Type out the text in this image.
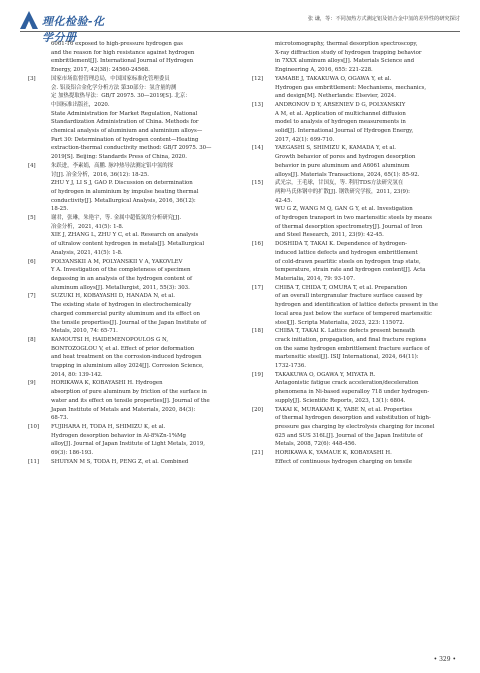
理化检验-化学分册
张 谦，等：不同加热方式测定铝及铝合金中氢的差异性的研究探讨

6061-T6 exposed to high-pressure hydrogen gas

and the reason for high resistance against hydrogen

embrittlement[J]. International Journal of Hydrogen

Energy, 2017, 42(38): 24560-24568.

[3]	国家市场监督管理总局，中国国家标准化管理委员

会. 铝及铝合金化学分析方法 第30部分：氢含量的测

定 加热提取热导法：GB/T 20975. 30—2019[S]. 北京：

中国标准出版社，2020.

State Administration for Market Regulation, National

Standardization Administration of China. Methods for

chemical analysis of aluminium and aluminium alloys—

Part 30: Determination of hydrogen content—Heating

extraction-thermal conductivity method: GB/T 20975. 30—

2019[S]. Beijing: Standards Press of China, 2020.

[4]	朱跃进，李素娟，高鹏. 脉冲热导法测定铝中氢的探

讨[J]. 冶金分析，2016, 36(12): 18-25.

ZHU Y J, LI S J, GAO P. Discussion on determination

of hydrogen in aluminium by impulse heating thermal

conductivity[J]. Metallurgical Analysis, 2016, 36(12):

18-25.

[5]	谢君，张琳，朱艳宇，等. 金属中超低氢的分析研究[J].

冶金分析，2021, 41(5): 1-8.

XIE J, ZHANG L, ZHU Y C, et al. Research on analysis

of ultralow content hydrogen in metals[J]. Metallurgical

Analysis, 2021, 41(5): 1-8.

[6]	POLYANSKII A M, POLYANSKII V A, YAKOVLEV

Y A. Investigation of the completeness of specimen

degassing in an analysis of the hydrogen content of

aluminum alloys[J]. Metallurgist, 2011, 55(3): 303.

[7]	SUZUKI H, KOBAYASHI D, HANADA N, et al.

The existing state of hydrogen in electrochemically

charged commercial purity aluminum and its effect on

the tensile properties[J]. Journal of the Japan Institute of

Metals, 2010, 74: 65-71.

[8]	KAMOUTSI H, HAIDEMENOPOULOS G N,

BONTOZOGLOU V, et al. Effect of prior deformation

and heat treatment on the corrosion-induced hydrogen

trapping in aluminium alloy 2024[J]. Corrosion Science,

2014, 80: 139-142.

[9]	HORIKAWA K, KOBAYASHI H. Hydrogen

absorption of pure aluminum by friction of the surface in

water and its effect on tensile properties[J]. Journal of the

Japan Institute of Metals and Materials, 2020, 84(3):

68-73.

[10] FUJIHARA H, TODA H, SHIMIZU K, et al.

Hydrogen desorption behavior in Al-8%Zn-1%Mg

alloy[J]. Journal of Japan Institute of Light Metals, 2019,

69(3): 186-193.

[11] SHUIYAN M S, TODA H, PENG Z, et al. Combined

microtomography, thermal desorption spectroscopy,

X-ray diffraction study of hydrogen trapping behavior

in 7XXX aluminum alloys[J]. Materials Science and

Engineering A, 2016, 655: 221-228.

[12] YAMABE J, TAKAKUWA O, OGAWA Y, et al.

Hydrogen gas embrittlement: Mechanisms, mechanics,

and design[M]. Netherlands: Elsevier, 2024.

[13] ANDRONOV D Y, ARSENIEV D G, POLYANSKIY

A M, et al. Application of multichannel diffusion

model to analysis of hydrogen measurements in

solid[J]. International Journal of Hydrogen Energy,

2017, 42(1): 699-710.

[14] YAEGASHI S, SHIMIZU K, KAMADA Y, et al.

Growth behavior of pores and hydrogen desorption

behavior in pure aluminum and A6061 aluminum

alloys[J]. Materials Transactions, 2024, 65(1): 85-92.

[15] 武光宗，王毛球，甘国友，等. 利用TDS方法研究氢在

两种马氏体钢中的扩散[J]. 钢铁研究学报，2011, 23(9):

42-45.

WU G Z, WANG M Q, GAN G Y, et al. Investigation

of hydrogen transport in two martensitic steels by means

of thermal desorption spectrometry[J]. Journal of Iron

and Steel Research, 2011, 23(9): 42-45.

[16] DOSHIDA T, TAKAI K. Dependence of hydrogen-

induced lattice defects and hydrogen embrittlement

of cold-drawn pearlitic steels on hydrogen trap state,

temperature, strain rate and hydrogen content[J]. Acta

Materialia, 2014, 79: 93-107.

[17] CHIBA T, CHIDA T, OMURA T, et al. Preparation

of an overall intergranular fracture surface caused by

hydrogen and identification of lattice defects present in the

local area just below the surface of tempered martensitic

steel[J]. Scripta Materialia, 2023, 223: 115072.

[18] CHIBA T, TAKAI K. Lattice defects present beneath

crack initiation, propagation, and final fracture regions

on the same hydrogen embrittlement fracture surface of

martensitic steel[J]. ISIJ International, 2024, 64(11):

1732-1736.

[19] TAKAKUWA O, OGAWA Y, MIYATA R.

Antagonistic fatigue crack acceleration/deceleration

phenomena in Ni-based superalloy 718 under hydrogen-

supply[J]. Scientific Reports, 2023, 13(1): 6804.

[20] TAKAI K, MURAKAMI K, YABE N, et al. Properties

of thermal hydrogen desorption and substitution of high-

pressure gas charging by electrolysis charging for inconel

625 and SUS 316L[J]. Journal of the Japan Institute of

Metals, 2008, 72(6): 448-456.

[21] HORIKAWA K, YAMAUE K, KOBAYASHI H.

Effect of continuous hydrogen charging on tensile

• 329 •
